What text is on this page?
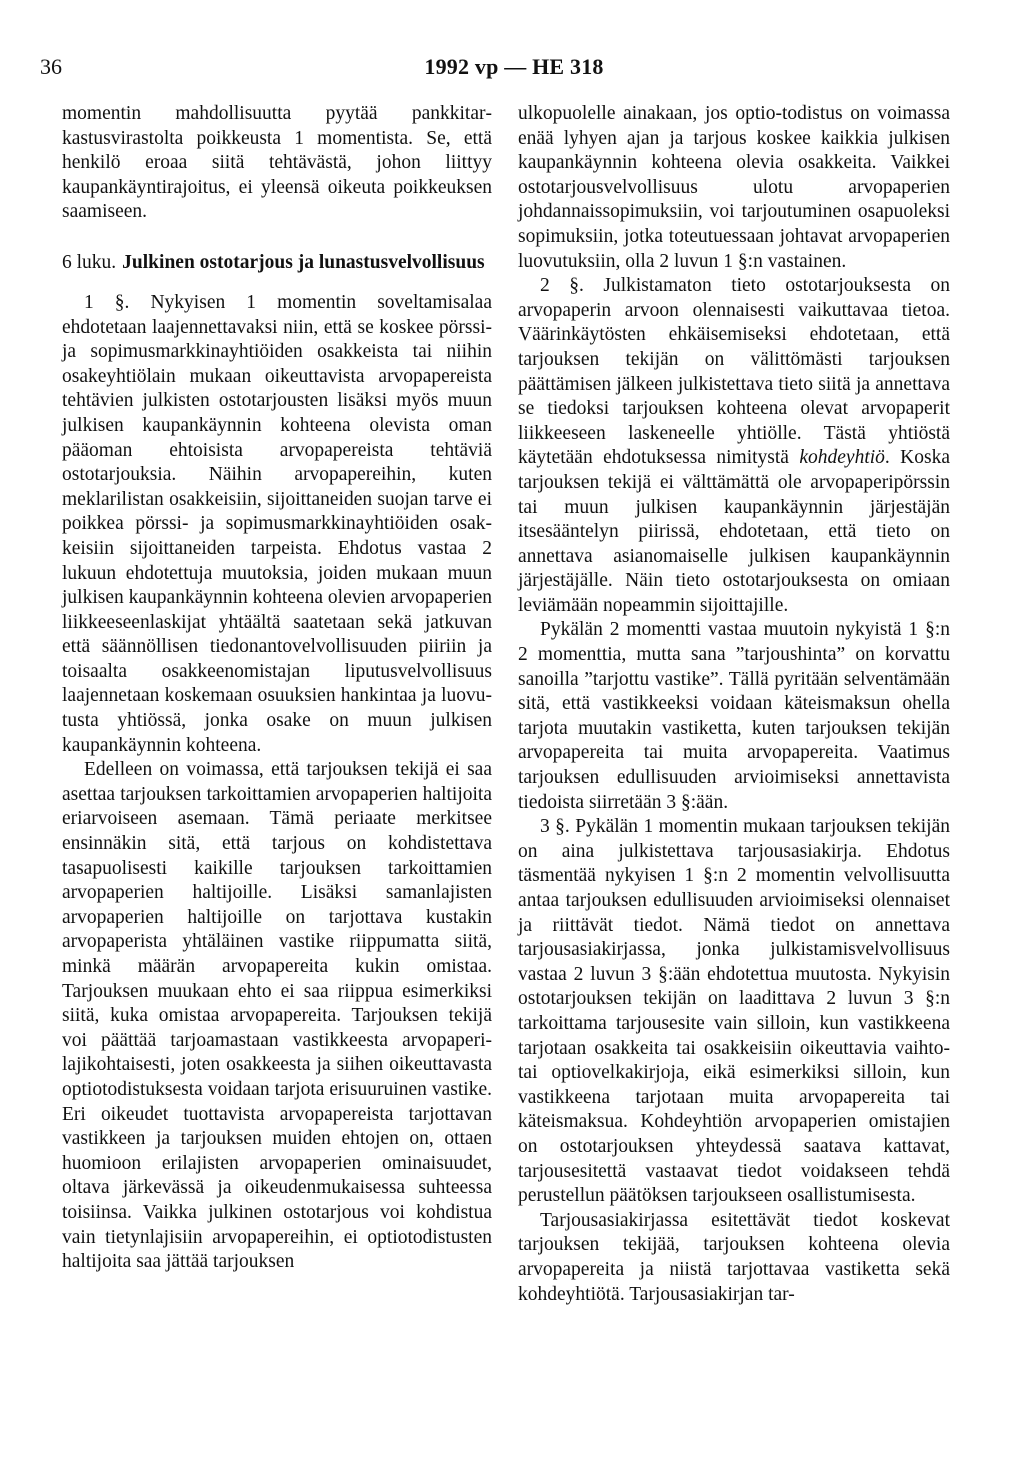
36	1992 vp — HE 318

momentin mahdollisuutta pyytää pankkitarkastusvirastolta poikkeusta 1 momentista. Se, että henkilö eroaa siitä tehtävästä, johon liittyy kaupankäyntirajoitus, ei yleensä oikeuta poikkeuksen saamiseen.

6 luku. Julkinen ostotarjous ja lunastusvelvollisuus

1 §. Nykyisen 1 momentin soveltamisalaa ehdotetaan laajennettavaksi niin, että se koskee pörssi- ja sopimusmarkkinayhtiöiden osakkeista tai niihin osakeyhtiölain mukaan oikeuttavista arvopapereista tehtävien julkisten ostotarjousten lisäksi myös muun julkisen kaupankäynnin kohteena olevista oman pääoman ehtoisista arvopapereista tehtäviä ostotarjouksia. Näihin arvopapereihin, kuten meklarilistan osakkeisiin, sijoittaneiden suojan tarve ei poikkea pörssi- ja sopimusmarkkinayhtiöiden osakkeisiin sijoittaneiden tarpeista. Ehdotus vastaa 2 lukuun ehdotettuja muutoksia, joiden mukaan muun julkisen kaupankäynnin kohteena olevien arvopaperien liikkeeseenlaskijat yhtäältä saatetaan sekä jatkuvan että säännöllisen tiedonantovelvollisuuden piiriin ja toisaalta osakkeenomistajan liputusvelvollisuus laajennetaan koskemaan osuuksien hankintaa ja luovutusta yhtiössä, jonka osake on muun julkisen kaupankäynnin kohteena.

Edelleen on voimassa, että tarjouksen tekijä ei saa asettaa tarjouksen tarkoittamien arvopaperien haltijoita eriarvoiseen asemaan. Tämä periaate merkitsee ensinnäkin sitä, että tarjous on kohdistettava tasapuolisesti kaikille tarjouksen tarkoittamien arvopaperien haltijoille. Lisäksi samanlajisten arvopaperien haltijoille on tarjottava kustakin arvopaperista yhtäläinen vastike riippumatta siitä, minkä määrän arvopapereita kukin omistaa. Tarjouksen muukaan ehto ei saa riippua esimerkiksi siitä, kuka omistaa arvopapereita. Tarjouksen tekijä voi päättää tarjoamastaan vastikkeesta arvopaperilajikohtaisesti, joten osakkeesta ja siihen oikeuttavasta optiotodistuksesta voidaan tarjota erisuuruinen vastike. Eri oikeudet tuottavista arvopapereista tarjottavan vastikkeen ja tarjouksen muiden ehtojen on, ottaen huomioon erilajisten arvopaperien ominaisuudet, oltava järkevässä ja oikeudenmukaisessa suhteessa toisiinsa. Vaikka julkinen ostotarjous voi kohdistua vain tietynlajisiin arvopapereihin, ei optiotodistusten haltijoita saa jättää tarjouksen

ulkopuolelle ainakaan, jos optio-todistus on voimassa enää lyhyen ajan ja tarjous koskee kaikkia julkisen kaupankäynnin kohteena olevia osakkeita. Vaikkei ostotarjousvelvollisuus ulotu arvopaperien johdannaissopimuksiin, voi tarjoutuminen osapuoleksi sopimuksiin, jotka toteutuessaan johtavat arvopaperien luovutuksiin, olla 2 luvun 1 §:n vastainen.

2 §. Julkistamaton tieto ostotarjouksesta on arvopaperin arvoon olennaisesti vaikuttavaa tietoa. Väärinkäytösten ehkäisemiseksi ehdotetaan, että tarjouksen tekijän on välittömästi tarjouksen päättämisen jälkeen julkistettava tieto siitä ja annettava se tiedoksi tarjouksen kohteena olevat arvopaperit liikkeeseen laskeneelle yhtiölle. Tästä yhtiöstä käytetään ehdotuksessa nimitystä kohdeyhtiö. Koska tarjouksen tekijä ei välttämättä ole arvopaperipörssin tai muun julkisen kaupankäynnin järjestäjän itsesääntelyn piirissä, ehdotetaan, että tieto on annettava asianomaiselle julkisen kaupankäynnin järjestäjälle. Näin tieto ostotarjouksesta on omiaan leviämään nopeammin sijoittajille.

Pykälän 2 momentti vastaa muutoin nykyistä 1 §:n 2 momenttia, mutta sana ”tarjoushinta” on korvattu sanoilla ”tarjottu vastike”. Tällä pyritään selventämään sitä, että vastikkeeksi voidaan käteismaksun ohella tarjota muutakin vastiketta, kuten tarjouksen tekijän arvopapereita tai muita arvopapereita. Vaatimus tarjouksen edullisuuden arvioimiseksi annettavista tiedoista siirretään 3 §:ään.

3 §. Pykälän 1 momentin mukaan tarjouksen tekijän on aina julkistettava tarjousasiakirja. Ehdotus täsmentää nykyisen 1 §:n 2 momentin velvollisuutta antaa tarjouksen edullisuuden arvioimiseksi olennaiset ja riittävät tiedot. Nämä tiedot on annettava tarjousasiakirjassa, jonka julkistamisvelvollisuus vastaa 2 luvun 3 §:ään ehdotettua muutosta. Nykyisin ostotarjouksen tekijän on laadittava 2 luvun 3 §:n tarkoittama tarjousesite vain silloin, kun vastikkeena tarjotaan osakkeita tai osakkeisiin oikeuttavia vaihto- tai optiovelkakirjoja, eikä esimerkiksi silloin, kun vastikkeena tarjotaan muita arvopapereita tai käteismaksua. Kohdeyhtiön arvopaperien omistajien on ostotarjouksen yhteydessä saatava kattavat, tarjousesitettä vastaavat tiedot voidakseen tehdä perustellun päätöksen tarjoukseen osallistumisesta.

Tarjousasiakirjassa esitettävät tiedot koskevat tarjouksen tekijää, tarjouksen kohteena olevia arvopapereita ja niistä tarjottavaa vastiketta sekä kohdeyhtiötä. Tarjousasiakirjan tar-
